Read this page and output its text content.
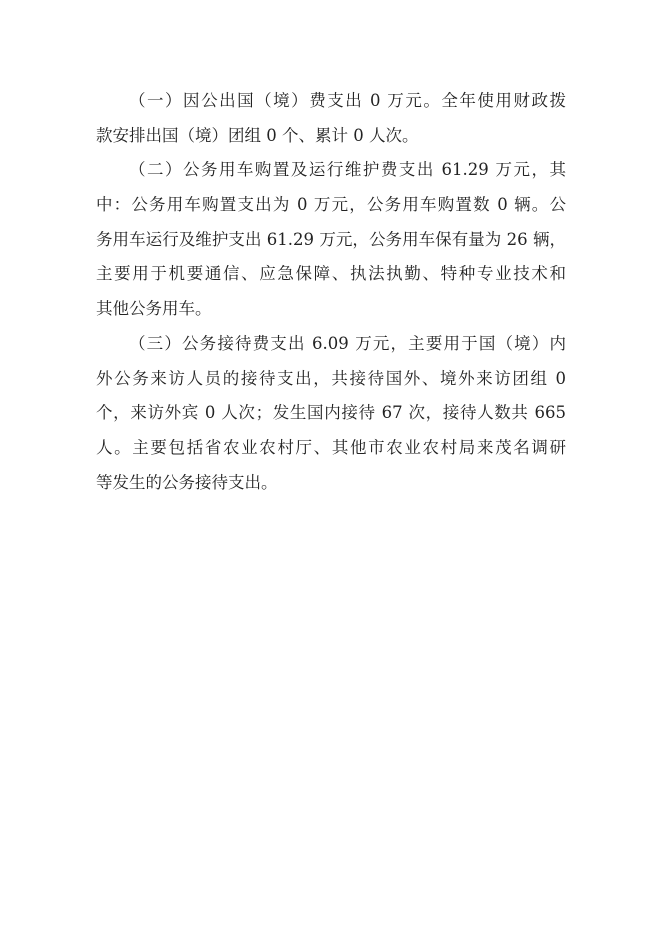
（一）因公出国（境）费支出 0 万元。全年使用财政拨
款安排出国（境）团组 0 个、累计 0 人次。

（二）公务用车购置及运行维护费支出 61.29 万元，其
中：公务用车购置支出为 0 万元，公务用车购置数 0 辆。公
务用车运行及维护支出 61.29 万元，公务用车保有量为 26 辆，
主要用于机要通信、应急保障、执法执勤、特种专业技术和
其他公务用车。

（三）公务接待费支出 6.09 万元，主要用于国（境）内
外公务来访人员的接待支出，共接待国外、境外来访团组 0
个，来访外宾 0 人次；发生国内接待 67 次，接待人数共 665
人。主要包括省农业农村厅、其他市农业农村局来茂名调研
等发生的公务接待支出。
